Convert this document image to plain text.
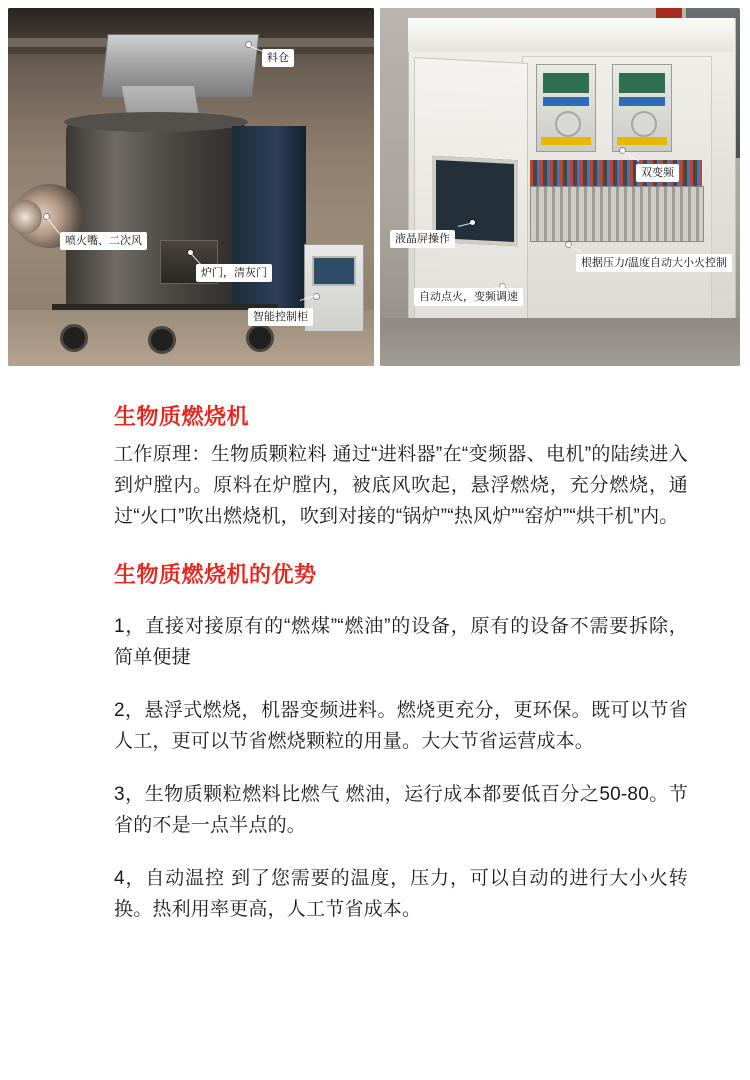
料仓
喷火嘴、二次风
炉门，清灰门
智能控制柜
双变频
液晶屏操作
根据压力/温度自动大小火控制
自动点火，变频调速
生物质燃烧机

工作原理：生物质颗粒料 通过“进料器”在“变频器、电机”的陆续进入到炉膛内。原料在炉膛内，被底风吹起，悬浮燃烧，充分燃烧，通过“火口”吹出燃烧机，吹到对接的“锅炉”“热风炉”“窑炉”“烘干机”内。

生物质燃烧机的优势

1，直接对接原有的“燃煤”“燃油”的设备，原有的设备不需要拆除，简单便捷

2，悬浮式燃烧，机器变频进料。燃烧更充分，更环保。既可以节省人工，更可以节省燃烧颗粒的用量。大大节省运营成本。

3，生物质颗粒燃料比燃气 燃油，运行成本都要低百分之50-80。节省的不是一点半点的。

4，自动温控 到了您需要的温度，压力，可以自动的进行大小火转换。热利用率更高，人工节省成本。
